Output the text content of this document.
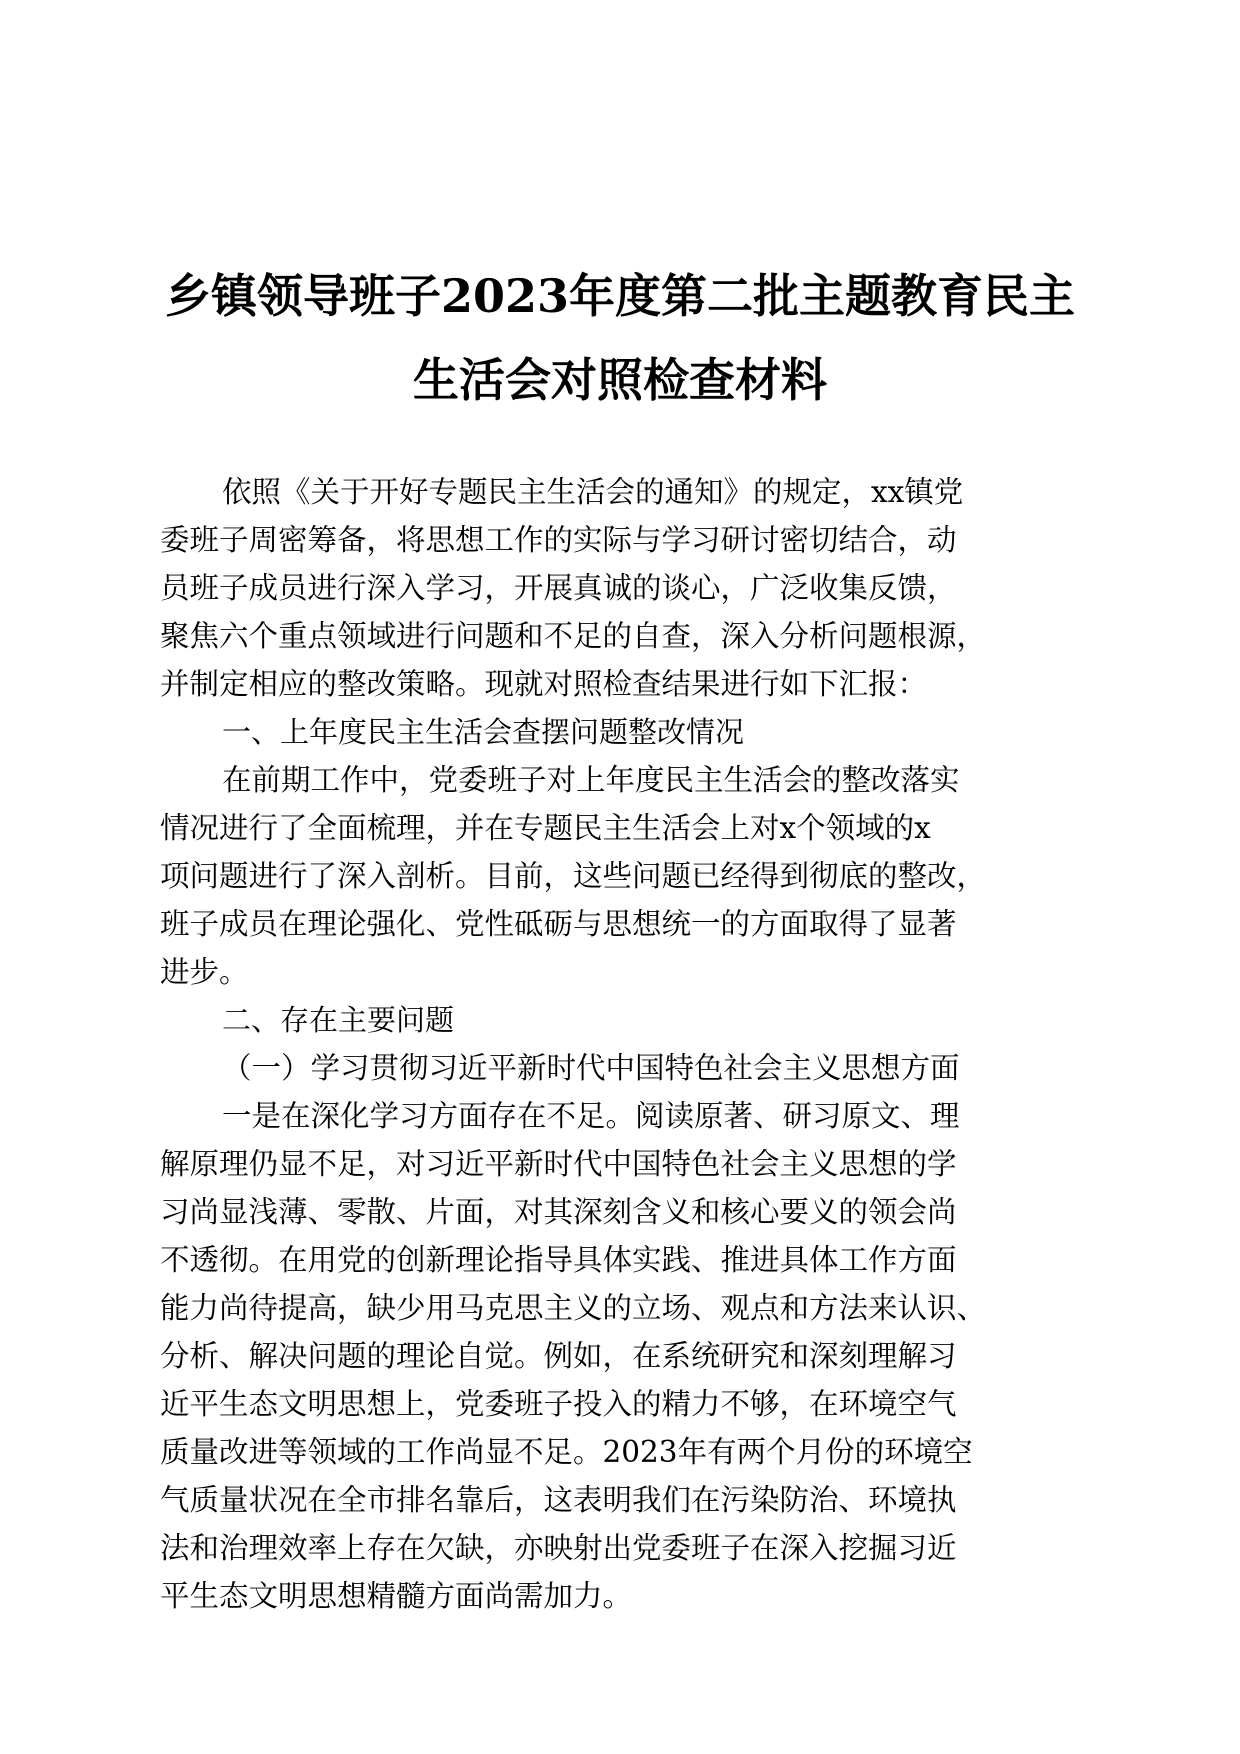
乡镇领导班子2023年度第二批主题教育民主
生活会对照检查材料
依照《关于开好专题民主生活会的通知》的规定，xx镇党
委班子周密筹备，将思想工作的实际与学习研讨密切结合，动
员班子成员进行深入学习，开展真诚的谈心，广泛收集反馈，
聚焦六个重点领域进行问题和不足的自查，深入分析问题根源，
并制定相应的整改策略。现就对照检查结果进行如下汇报：
一、上年度民主生活会查摆问题整改情况
在前期工作中，党委班子对上年度民主生活会的整改落实
情况进行了全面梳理，并在专题民主生活会上对x个领域的x
项问题进行了深入剖析。目前，这些问题已经得到彻底的整改，
班子成员在理论强化、党性砥砺与思想统一的方面取得了显著
进步。
二、存在主要问题
（一）学习贯彻习近平新时代中国特色社会主义思想方面
一是在深化学习方面存在不足。阅读原著、研习原文、理
解原理仍显不足，对习近平新时代中国特色社会主义思想的学
习尚显浅薄、零散、片面，对其深刻含义和核心要义的领会尚
不透彻。在用党的创新理论指导具体实践、推进具体工作方面
能力尚待提高，缺少用马克思主义的立场、观点和方法来认识、
分析、解决问题的理论自觉。例如，在系统研究和深刻理解习
近平生态文明思想上，党委班子投入的精力不够，在环境空气
质量改进等领域的工作尚显不足。2023年有两个月份的环境空
气质量状况在全市排名靠后，这表明我们在污染防治、环境执
法和治理效率上存在欠缺，亦映射出党委班子在深入挖掘习近
平生态文明思想精髓方面尚需加力。
